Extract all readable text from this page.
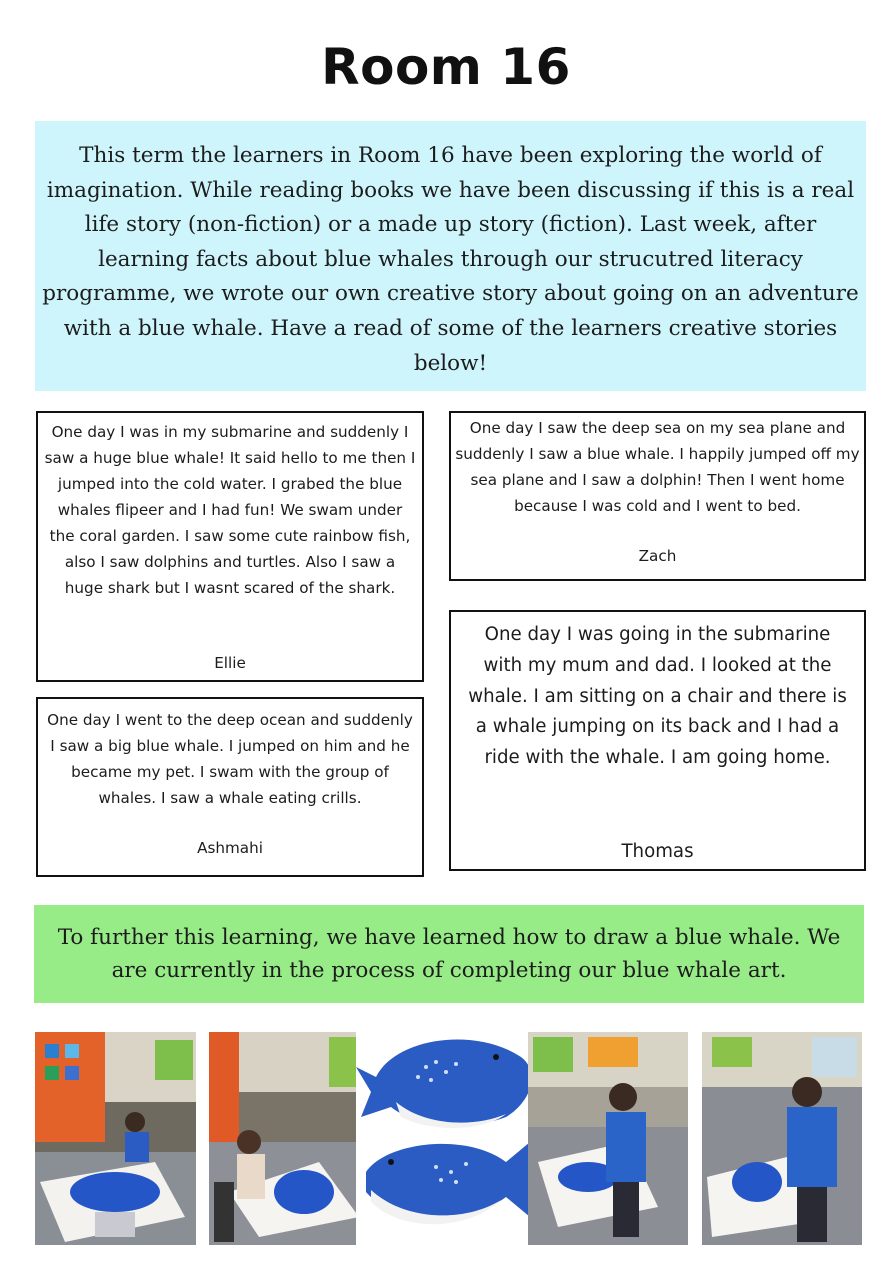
Room 16

This term the learners in Room 16 have been exploring the world of imagination. While reading books we have been discussing if this is a real life story (non-fiction) or a made up story (fiction). Last week, after learning facts about blue whales through our strucutred literacy programme, we wrote our own creative story about going on an adventure with a blue whale. Have a read of some of the learners creative stories below!

One day I was in my submarine and suddenly I saw a huge blue whale! It said hello to me then I jumped into the cold water. I grabed the blue whales flipeer and I had fun! We swam under the coral garden. I saw some cute rainbow fish, also I saw dolphins and turtles. Also I saw a huge shark but I wasnt scared of the shark.
Ellie
One day I went to the deep ocean and suddenly I saw a big blue whale. I jumped on him and he became my pet. I swam with the group of whales. I saw a whale eating crills.
Ashmahi
One day I saw the deep sea on my sea plane and suddenly I saw a blue whale. I happily jumped off my sea plane and I saw a dolphin! Then I went home because I was cold and I went to bed.
Zach
One day I was going in the submarine with my mum and dad. I looked at the whale. I am sitting on a chair and there is a whale jumping on its back and I had a ride with the whale. I am going home.
Thomas

To further this learning, we have learned how to draw a blue whale. We are currently in the process of completing our blue whale art.
